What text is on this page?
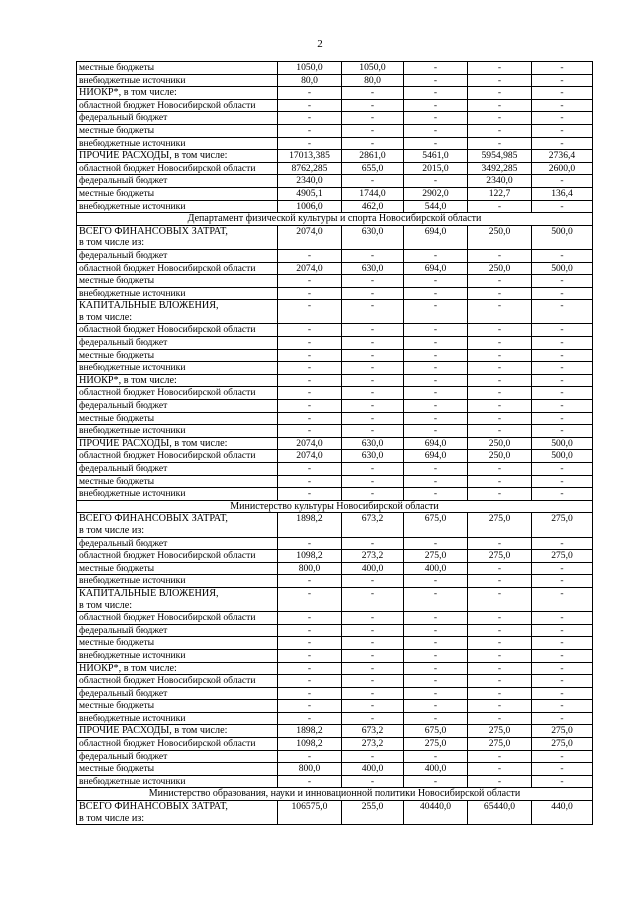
2
местные бюджеты	1050,0	1050,0	-	-	-
внебюджетные источники	80,0	80,0	-	-	-
НИОКР*, в том числе:	-	-	-	-	-
областной бюджет Новосибирской области	-	-	-	-	-
федеральный бюджет	-	-	-	-	-
местные бюджеты	-	-	-	-	-
внебюджетные источники	-	-	-	-	-
ПРОЧИЕ РАСХОДЫ, в том числе:	17013,385	2861,0	5461,0	5954,985	2736,4
областной бюджет Новосибирской области	8762,285	655,0	2015,0	3492,285	2600,0
федеральный бюджет	2340,0	-	-	2340,0	-
местные бюджеты	4905,1	1744,0	2902,0	122,7	136,4
внебюджетные источники	1006,0	462,0	544,0	-	-
Департамент физической культуры и спорта Новосибирской области					

ВСЕГО ФИНАНСОВЫХ ЗАТРАТ,
в том числе из:	2074,0	630,0	694,0	250,0	500,0
федеральный бюджет	-	-	-	-	-
областной бюджет Новосибирской области	2074,0	630,0	694,0	250,0	500,0
местные бюджеты	-	-	-	-	-
внебюджетные источники	-	-	-	-	-

КАПИТАЛЬНЫЕ ВЛОЖЕНИЯ,
в том числе:	-	-	-	-	-
областной бюджет Новосибирской области	-	-	-	-	-
федеральный бюджет	-	-	-	-	-
местные бюджеты	-	-	-	-	-
внебюджетные источники	-	-	-	-	-
НИОКР*, в том числе:	-	-	-	-	-
областной бюджет Новосибирской области	-	-	-	-	-
федеральный бюджет	-	-	-	-	-
местные бюджеты	-	-	-	-	-
внебюджетные источники	-	-	-	-	-
ПРОЧИЕ РАСХОДЫ, в том числе:	2074,0	630,0	694,0	250,0	500,0
областной бюджет Новосибирской области	2074,0	630,0	694,0	250,0	500,0
федеральный бюджет	-	-	-	-	-
местные бюджеты	-	-	-	-	-
внебюджетные источники	-	-	-	-	-
Министерство культуры Новосибирской области					

ВСЕГО ФИНАНСОВЫХ ЗАТРАТ,
в том числе из:	1898,2	673,2	675,0	275,0	275,0
федеральный бюджет	-	-	-	-	-
областной бюджет Новосибирской области	1098,2	273,2	275,0	275,0	275,0
местные бюджеты	800,0	400,0	400,0	-	-
внебюджетные источники	-	-	-	-	-

КАПИТАЛЬНЫЕ ВЛОЖЕНИЯ,
в том числе:	-	-	-	-	-
областной бюджет Новосибирской области	-	-	-	-	-
федеральный бюджет	-	-	-	-	-
местные бюджеты	-	-	-	-	-
внебюджетные источники	-	-	-	-	-
НИОКР*, в том числе:	-	-	-	-	-
областной бюджет Новосибирской области	-	-	-	-	-
федеральный бюджет	-	-	-	-	-
местные бюджеты	-	-	-	-	-
внебюджетные источники	-	-	-	-	-
ПРОЧИЕ РАСХОДЫ, в том числе:	1898,2	673,2	675,0	275,0	275,0
областной бюджет Новосибирской области	1098,2	273,2	275,0	275,0	275,0
федеральный бюджет	-	-	-	-	-
местные бюджеты	800,0	400,0	400,0	-	-
внебюджетные источники	-	-	-	-	-
Министерство образования, науки и инновационной политики Новосибирской области					

ВСЕГО ФИНАНСОВЫХ ЗАТРАТ,
в том числе из:	106575,0	255,0	40440,0	65440,0	440,0
